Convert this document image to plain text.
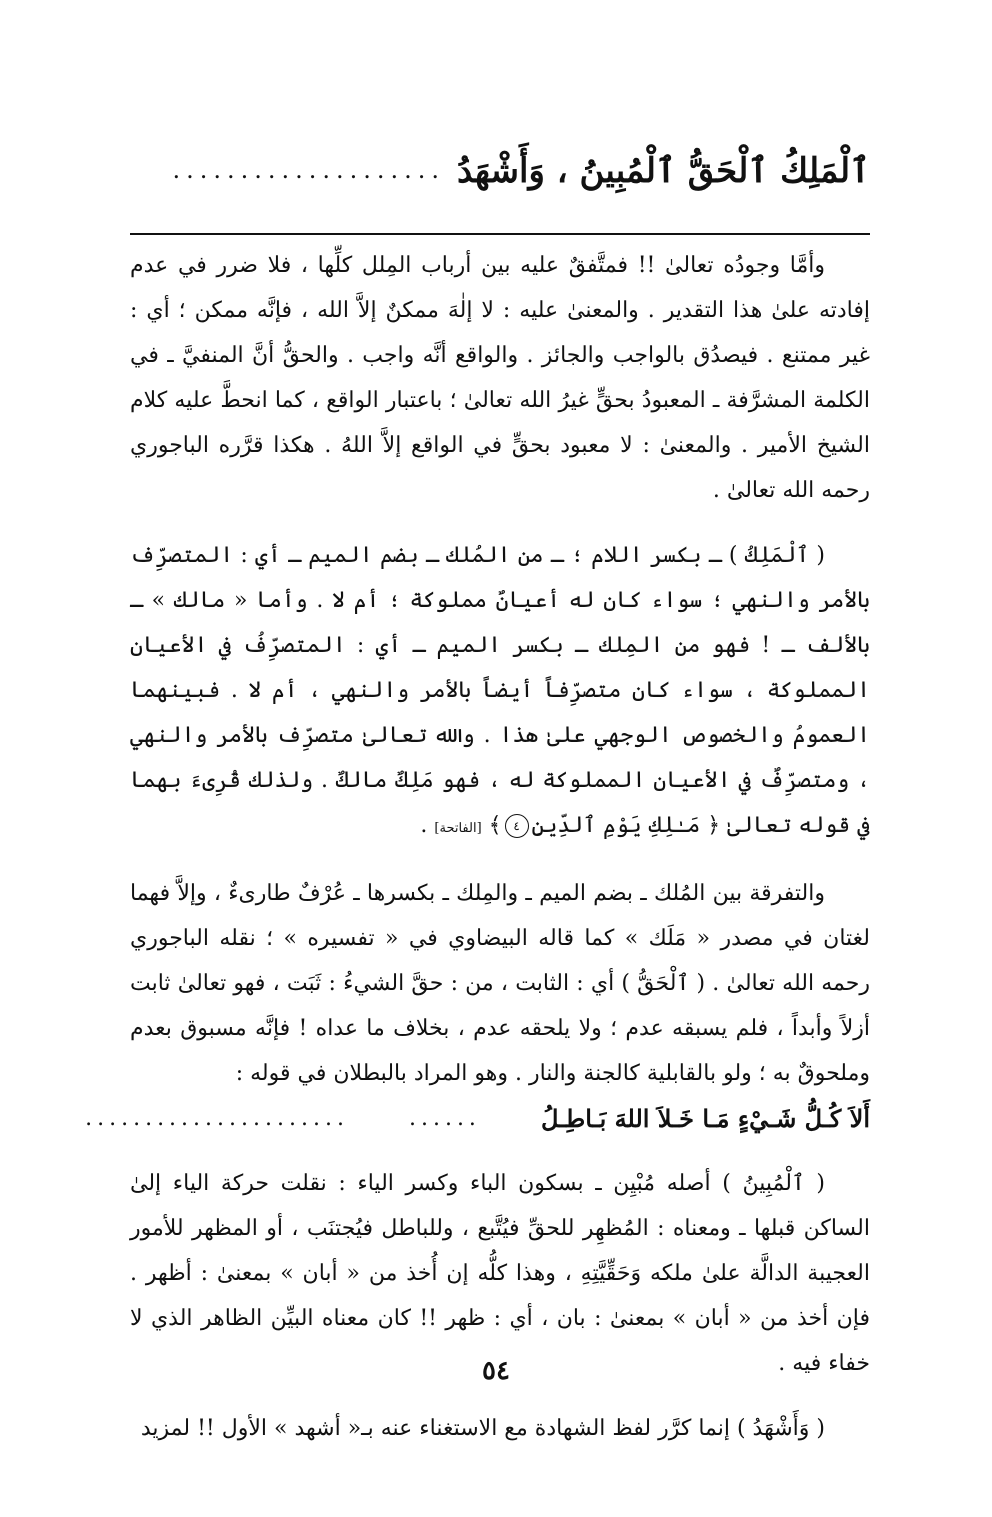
ٱلْمَلِكُ ٱلْحَقُّ ٱلْمُبِينُ ، وَأَشْهَدُ
....................

وأمَّا وجودُه تعالىٰ !! فمتَّفقٌ عليه بين أرباب المِلل كلِّها ، فلا ضرر في عدم إفادته علىٰ هذا التقدير . والمعنىٰ عليه : لا إلٰهَ ممكنٌ إلاَّ الله ، فإنَّه ممكن ؛ أي : غير ممتنع . فيصدُق بالواجب والجائز . والواقع أنَّه واجب . والحقُّ أنَّ المنفيَّ ـ في الكلمة المشرَّفة ـ المعبودُ بحقٍّ غيرُ الله تعالىٰ ؛ باعتبار الواقع ، كما انحطَّ عليه كلام الشيخ الأمير . والمعنىٰ : لا معبود بحقٍّ في الواقع إلاَّ اللهُ . هكذا قرَّره الباجوري رحمه الله تعالىٰ .

( ٱلْمَلِكُ ) ـ بكسر اللام ؛ ـ من المُلك ـ بضم الميم ـ أي : المتصرِّف بالأمر والنهي ؛ سواء كان له أعيانٌ مملوكة ؛ أم لا . وأما « مالك » ـ بالألف ـ ! فهو من المِلك ـ بكسر الميم ـ أي : المتصرِّفُ في الأعيان المملوكة ، سواء كان متصرِّفاً أيضاً بالأمر والنهي ، أم لا . فبينهما العمومُ والخصوص الوجهي علىٰ هذا . والله تعالىٰ متصرِّف بالأمر والنهي ، ومتصرِّفٌ في الأعيان المملوكة له ، فهو مَلِكٌ مالكٌ . ولذلك قُرِىءَ بهما في قوله تعالىٰ ﴿ مَـٰلِكِ يَوْمِ ٱلدِّينِ٤﴾ [الفاتحة] .

والتفرقة بين المُلك ـ بضم الميم ـ والمِلك ـ بكسرها ـ عُرْفٌ طارىءٌ ، وإلاَّ فهما لغتان في مصدر « مَلَك » كما قاله البيضاوي في « تفسيره » ؛ نقله الباجوري رحمه الله تعالىٰ . ( ٱلْحَقُّ ) أي : الثابت ، من : حقَّ الشيءُ : ثَبَت ، فهو تعالىٰ ثابت أزلاً وأبداً ، فلم يسبقه عدم ؛ ولا يلحقه عدم ، بخلاف ما عداه ! فإنَّه مسبوق بعدم وملحوقٌ به ؛ ولو بالقابلية كالجنة والنار . وهو المراد بالبطلان في قوله :
أَلاَ كُـلُّ شَـيْءٍ مَـا خَـلاَ اللهَ بَـاطِـلُ
......
......................

( ٱلْمُبِينُ ) أصله مُبْيِن ـ بسكون الباء وكسر الياء : نقلت حركة الياء إلىٰ الساكن قبلها ـ ومعناه : المُظهِر للحقِّ فيُتَّبع ، وللباطل فيُجتنَب ، أو المظهر للأمور العجيبة الدالَّة علىٰ ملكه وَحَقِّيَّتِهِ ، وهذا كلُّه إن أُخذ من « أبان » بمعنىٰ : أظهر . فإن أخذ من « أبان » بمعنىٰ : بان ، أي : ظهر !! كان معناه البيِّن الظاهر الذي لا خفاء فيه .

( وَأَشْهَدُ ) إنما كرَّر لفظ الشهادة مع الاستغناء عنه بـ« أشهد » الأول !! لمزيد

٥٤
